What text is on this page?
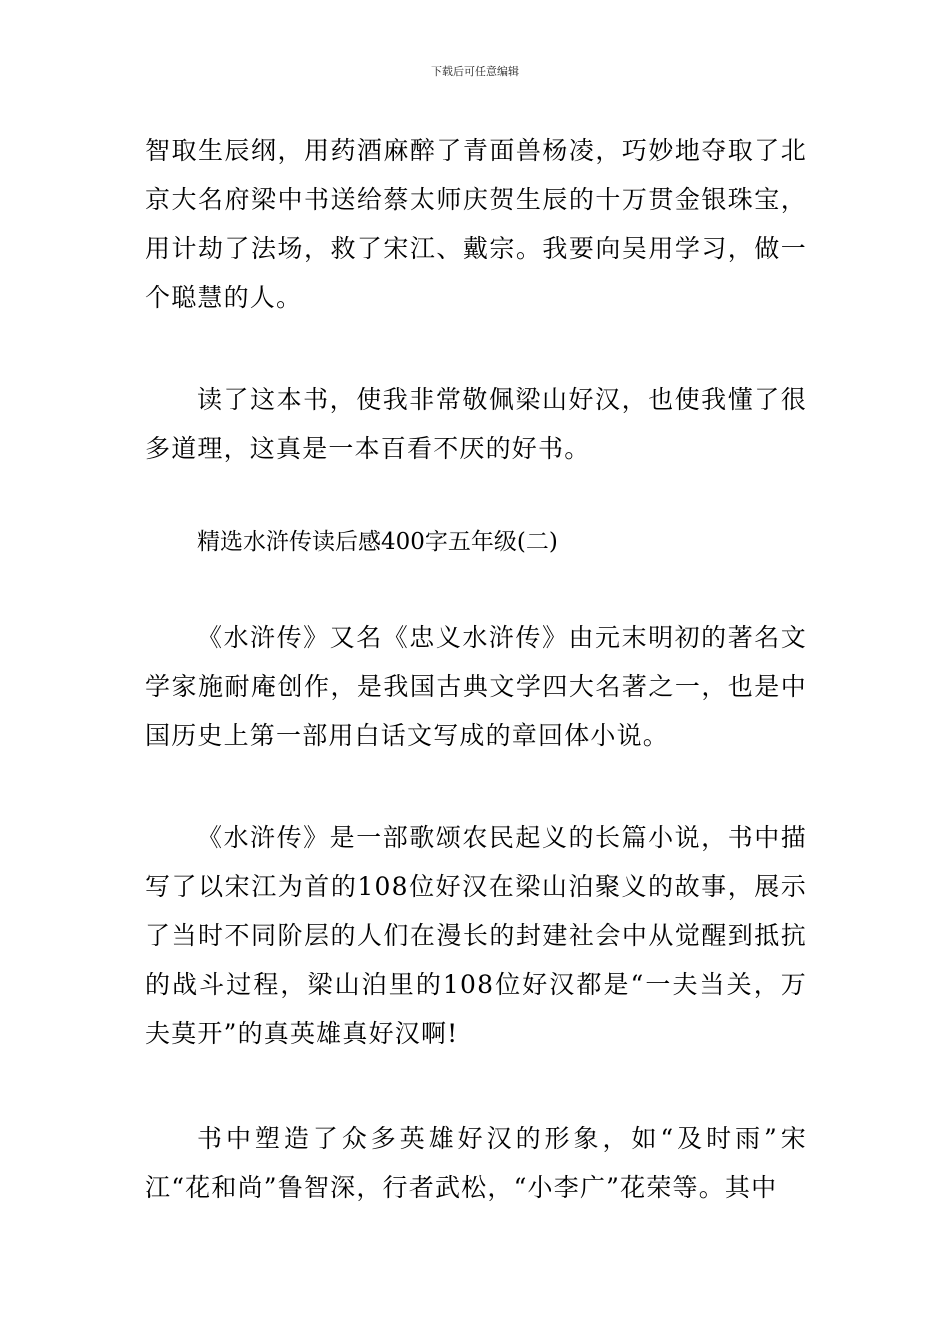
下载后可任意编辑

智取生辰纲，用药酒麻醉了青面兽杨凌，巧妙地夺取了北京大名府梁中书送给蔡太师庆贺生辰的十万贯金银珠宝，用计劫了法场，救了宋江、戴宗。我要向吴用学习，做一个聪慧的人。

读了这本书，使我非常敬佩梁山好汉，也使我懂了很多道理，这真是一本百看不厌的好书。

精选水浒传读后感400字五年级(二)

《水浒传》又名《忠义水浒传》由元末明初的著名文学家施耐庵创作，是我国古典文学四大名著之一，也是中国历史上第一部用白话文写成的章回体小说。

《水浒传》是一部歌颂农民起义的长篇小说，书中描写了以宋江为首的108位好汉在梁山泊聚义的故事，展示了当时不同阶层的人们在漫长的封建社会中从觉醒到抵抗的战斗过程，梁山泊里的108位好汉都是“一夫当关，万夫莫开”的真英雄真好汉啊!

书中塑造了众多英雄好汉的形象，如“及时雨”宋江“花和尚”鲁智深，行者武松，“小李广”花荣等。其中
